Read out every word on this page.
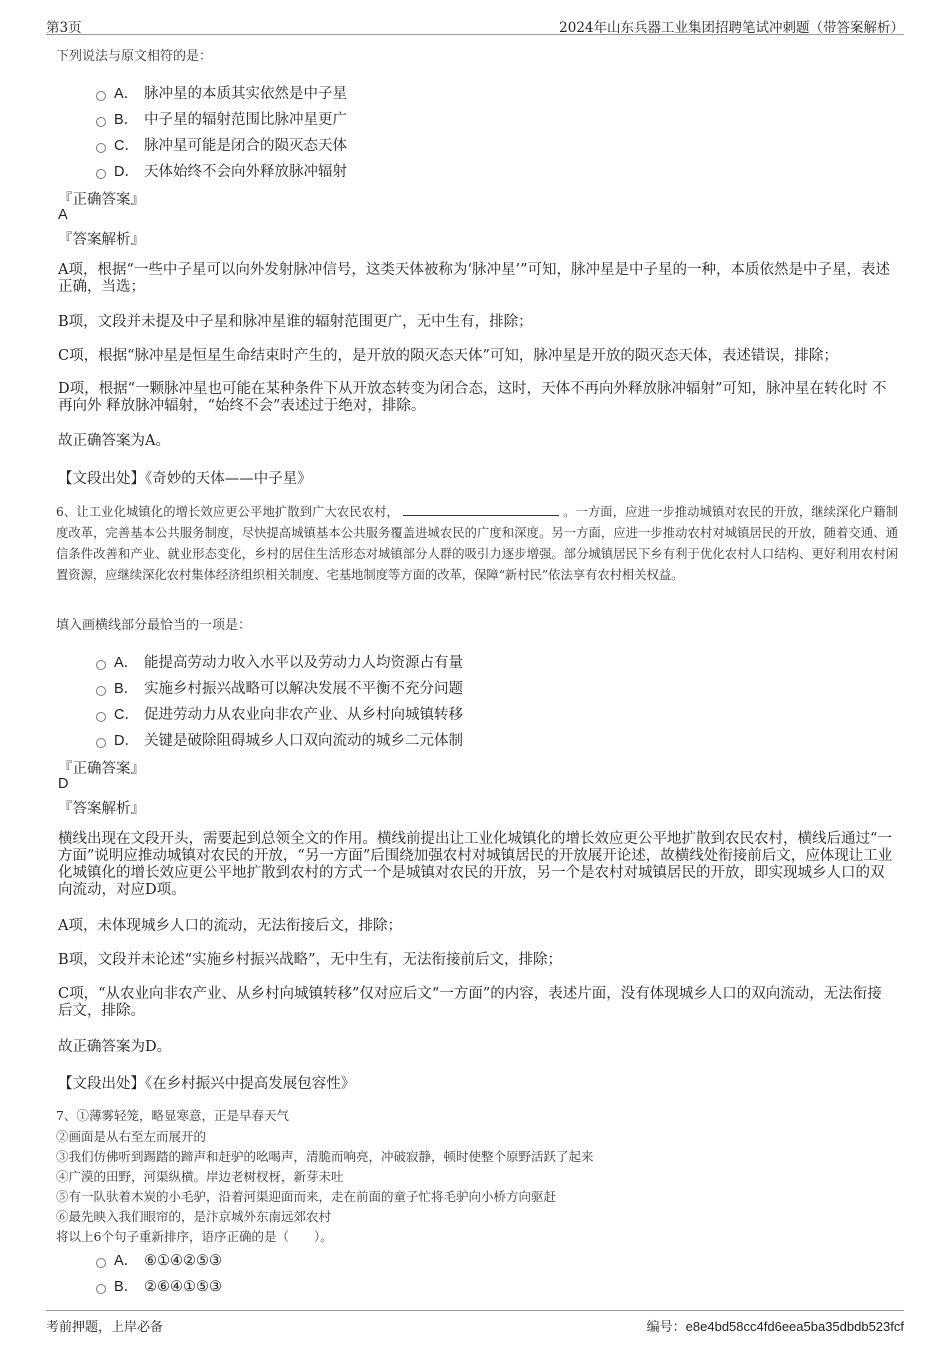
第3页	2024年山东兵器工业集团招聘笔试冲刺题（带答案解析）
下列说法与原文相符的是：
A． 脉冲星的本质其实依然是中子星
B． 中子星的辐射范围比脉冲星更广
C． 脉冲星可能是闭合的陨灭态天体
D． 天体始终不会向外释放脉冲辐射
『正确答案』
A
『答案解析』
A项，根据“一些中子星可以向外发射脉冲信号，这类天体被称为‘脉冲星’”可知，脉冲星是中子星的一种，本质依然是中子星，表述正确，当选；
B项，文段并未提及中子星和脉冲星谁的辐射范围更广，无中生有，排除；
C项，根据“脉冲星是恒星生命结束时产生的，是开放的陨灭态天体”可知，脉冲星是开放的陨灭态天体，表述错误，排除；
D项，根据“一颗脉冲星也可能在某种条件下从开放态转变为闭合态，这时，天体不再向外释放脉冲辐射”可知，脉冲星在转化时 不再向外 释放脉冲辐射，“始终不会”表述过于绝对，排除。
故正确答案为A。
【文段出处】《奇妙的天体——中子星》
6、让工业化城镇化的增长效应更公平地扩散到广大农民农村，	。一方面，应进一步推动城镇对农民的开放，继续深化户籍制度改革，完善基本公共服务制度，尽快提高城镇基本公共服务覆盖进城农民的广度和深度。另一方面，应进一步推动农村对城镇居民的开放，随着交通、通信条件改善和产业、就业形态变化，乡村的居住生活形态对城镇部分人群的吸引力逐步增强。部分城镇居民下乡有利于优化农村人口结构、更好利用农村闲置资源，应继续深化农村集体经济组织相关制度、宅基地制度等方面的改革，保障“新村民”依法享有农村相关权益。
填入画横线部分最恰当的一项是：
A． 能提高劳动力收入水平以及劳动力人均资源占有量
B． 实施乡村振兴战略可以解决发展不平衡不充分问题
C． 促进劳动力从农业向非农产业、从乡村向城镇转移
D． 关键是破除阻碍城乡人口双向流动的城乡二元体制
『正确答案』
D
『答案解析』
横线出现在文段开头，需要起到总领全文的作用。横线前提出让工业化城镇化的增长效应更公平地扩散到农民农村，横线后通过“一方面”说明应推动城镇对农民的开放，“另一方面”后围绕加强农村对城镇居民的开放展开论述，故横线处衔接前后文，应体现让工业化城镇化的增长效应更公平地扩散到农村的方式一个是城镇对农民的开放，另一个是农村对城镇居民的开放，即实现城乡人口的双向流动，对应D项。
A项，未体现城乡人口的流动，无法衔接后文，排除；
B项，文段并未论述“实施乡村振兴战略”，无中生有，无法衔接前后文，排除；
C项，“从农业向非农产业、从乡村向城镇转移”仅对应后文“一方面”的内容，表述片面，没有体现城乡人口的双向流动，无法衔接后文，排除。
故正确答案为D。
【文段出处】《在乡村振兴中提高发展包容性》
7、①薄雾轻笼，略显寒意，正是早春天气
②画面是从右至左而展开的
③我们仿佛听到踢踏的蹄声和赶驴的吆喝声，清脆而响亮，冲破寂静，顿时使整个原野活跃了起来
④广漠的田野，河渠纵横。岸边老树杈枒，新芽未吐
⑤有一队驮着木炭的小毛驴，沿着河渠迎面而来，走在前面的童子忙将毛驴向小桥方向驱赶
⑥最先映入我们眼帘的，是汴京城外东南远郊农村
将以上6个句子重新排序，语序正确的是（　　）。
A． ⑥①④②⑤③
B． ②⑥④①⑤③
考前押题，上岸必备	编号：e8e4bd58cc4fd6eea5ba35dbdb523fcf
